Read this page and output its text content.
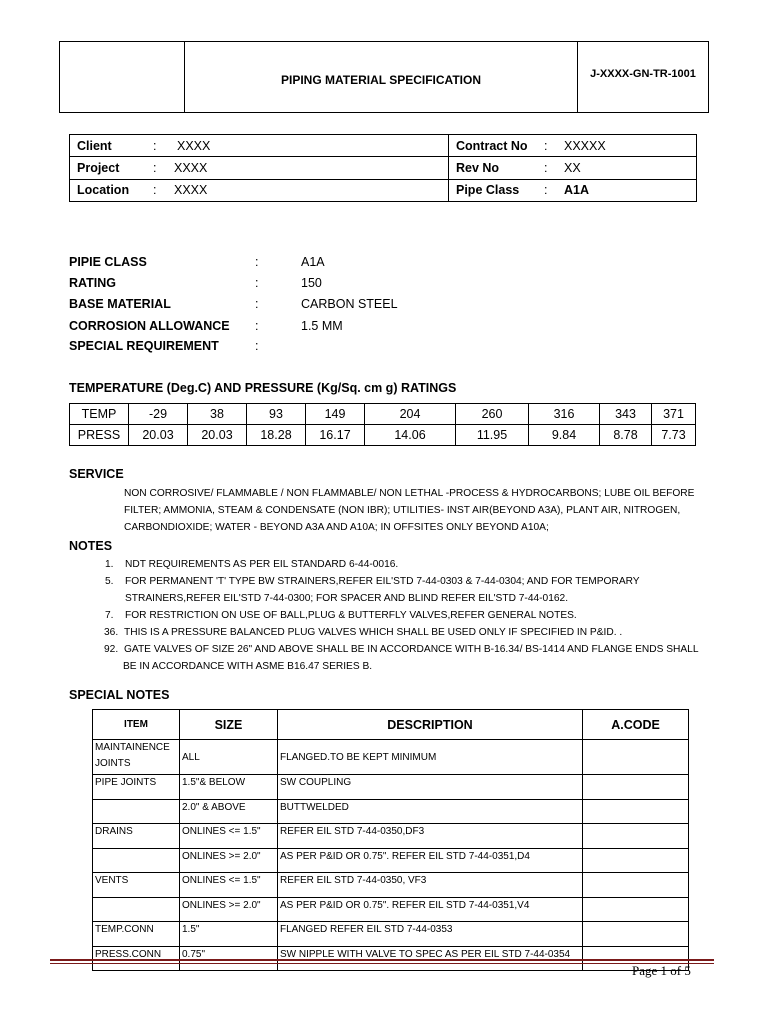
	PIPING MATERIAL SPECIFICATION	J-XXXX-GN-TR-1001
Client : XXXX	Contract No : XXXXX
Project : XXXX	Rev No : XX
Location : XXXX	Pipe Class : A1A
PIPIE CLASS	:	A1A
RATING	:	150
BASE MATERIAL	:	CARBON STEEL
CORROSION ALLOWANCE :	1.5 MM
SPECIAL REQUIREMENT	:
TEMPERATURE (Deg.C) AND PRESSURE (Kg/Sq. cm g) RATINGS
TEMP	-29	38	93	149	204	260	316	343	371
PRESS	20.03	20.03	18.28	16.17	14.06	11.95	9.84	8.78	7.73
SERVICE
NON CORROSIVE/ FLAMMABLE / NON FLAMMABLE/ NON LETHAL -PROCESS & HYDROCARBONS; LUBE OIL BEFORE
FILTER; AMMONIA, STEAM & CONDENSATE (NON IBR); UTILITIES- INST AIR(BEYOND A3A), PLANT AIR, NITROGEN,
CARBONDIOXIDE; WATER - BEYOND A3A AND A10A; IN OFFSITES ONLY BEYOND A10A;
NOTES
1. NDT REQUIREMENTS AS PER EIL STANDARD 6-44-0016.
5. FOR PERMANENT 'T' TYPE BW STRAINERS,REFER EIL'STD 7-44-0303 & 7-44-0304; AND FOR TEMPORARY
STRAINERS,REFER EIL'STD 7-44-0300; FOR SPACER AND BLIND REFER EIL'STD 7-44-0162.
7. FOR RESTRICTION ON USE OF BALL,PLUG & BUTTERFLY VALVES,REFER GENERAL NOTES.
36. THIS IS A PRESSURE BALANCED PLUG VALVES WHICH SHALL BE USED ONLY IF SPECIFIED IN P&ID. .
92. GATE VALVES OF SIZE 26" AND ABOVE SHALL BE IN ACCORDANCE WITH B-16.34/ BS-1414 AND FLANGE ENDS SHALL
BE IN ACCORDANCE WITH ASME B16.47 SERIES B.
SPECIAL NOTES
ITEM	SIZE	DESCRIPTION	A.CODE
MAINTAINENCE JOINTS	ALL	FLANGED.TO BE KEPT MINIMUM	
PIPE JOINTS	1.5"& BELOW	SW COUPLING	
	2.0" & ABOVE	BUTTWELDED	
DRAINS	ONLINES <= 1.5"	REFER EIL STD 7-44-0350,DF3	
	ONLINES >= 2.0"	AS PER P&ID OR 0.75". REFER EIL STD 7-44-0351,D4	
VENTS	ONLINES <= 1.5"	REFER EIL STD 7-44-0350, VF3	
	ONLINES >= 2.0"	AS PER P&ID OR 0.75". REFER EIL STD 7-44-0351,V4	
TEMP.CONN	1.5"	FLANGED REFER EIL STD 7-44-0353	
PRESS.CONN	0.75"	SW NIPPLE WITH VALVE TO SPEC AS PER EIL STD 7-44-0354	
Page 1 of 5
